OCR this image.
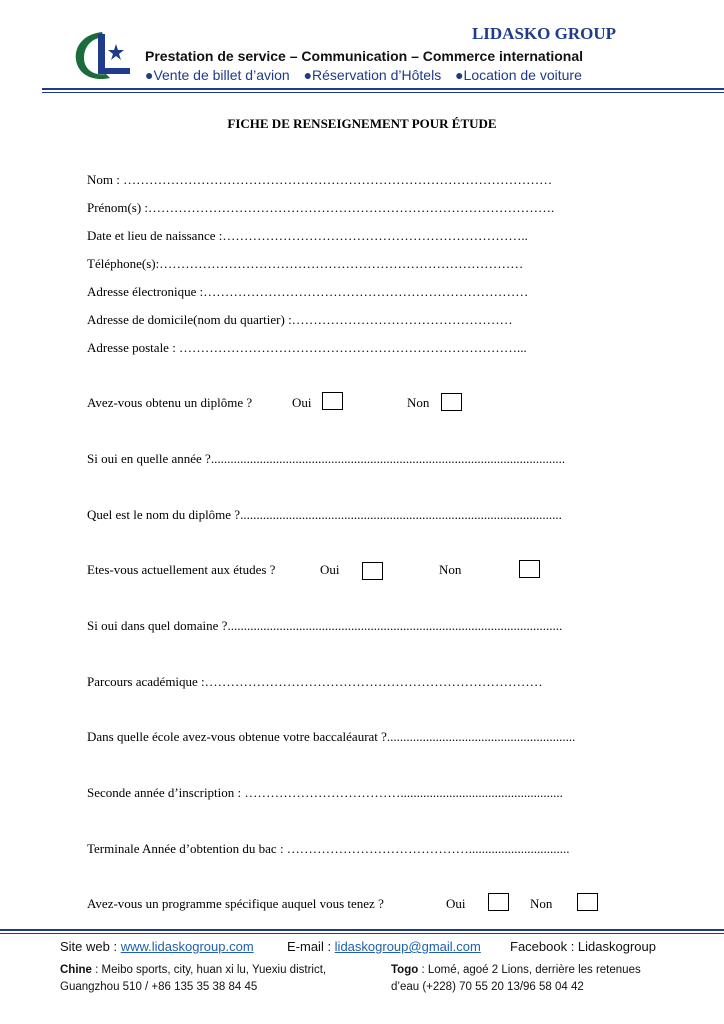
LIDASKO GROUP
Prestation de service – Communication – Commerce international
●Vente de billet d’avion ●Réservation d’Hôtels ●Location de voiture
FICHE DE RENSEIGNEMENT POUR ÉTUDE
Nom : ………………………………………………………………………………………
Prénom(s) :………………………………………………………………………………….
Date et lieu de naissance :……………………………………………………………..
Téléphone(s):…………………………………………………………………………
Adresse électronique :…………………………………………………………………
Adresse de domicile(nom du quartier) :……………………………………………
Adresse postale : ……………………………………………………………………...
Avez-vous obtenu un diplôme ?	Oui	Non
Si oui en quelle année ?.............................................................................................................
Quel est le nom du diplôme ?...................................................................................................
Etes-vous actuellement aux études ?	Oui	Non
Si oui dans quel domaine ?.......................................................................................................
Parcours académique :……………………………………………………………………
Dans quelle école avez-vous obtenue votre baccaléaurat ?..........................................................
Seconde année d’inscription : ………………………………..................................................
Terminale Année d’obtention du bac : ……………………………………...............................
Avez-vous un programme spécifique auquel vous tenez ?	Oui	Non
Site web : www.lidaskogroup.com	E-mail : lidaskogroup@gmail.com Facebook : Lidaskogroup
Chine : Meibo sports, city, huan xi lu, Yuexiu district,
Guangzhou 510 / +86 135 35 38 84 45
Togo : Lomé, agoé 2 Lions, derrière les retenues
d’eau (+228) 70 55 20 13/96 58 04 42
